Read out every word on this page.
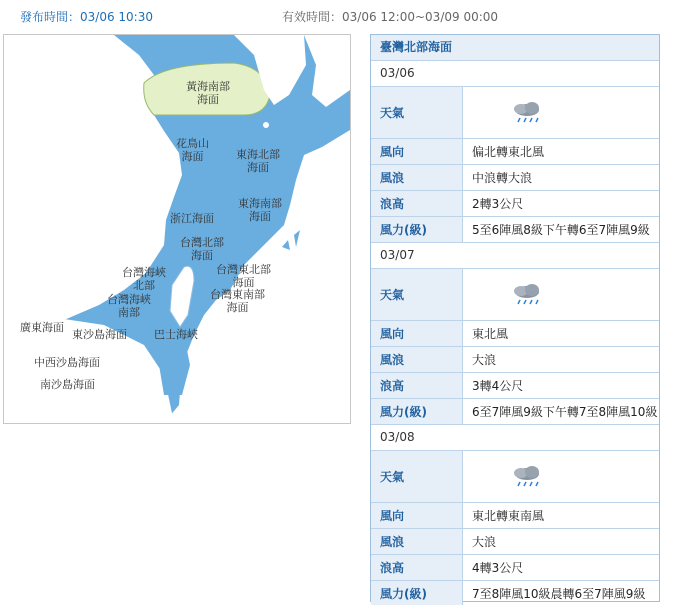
發布時間：03/06 10:30	有效時間：03/06 12:00~03/09 00:00
黃海南部
海面
花鳥山
海面	東海北部
海面
東海南部
海面
浙江海面
台灣北部
海面
台灣海峽
北部
台灣東北部
海面
台灣海峽
南部
台灣東南部
海面
廣東海面
東沙島海面 巴士海峽
中西沙島海面
南沙島海面
臺灣北部海面
03/06
天氣
風向	偏北轉東北風
風浪	中浪轉大浪
浪高	2轉3公尺
風力(級)	5至6陣風8級下午轉6至7陣風9級
03/07
天氣
風向	東北風
風浪	大浪
浪高	3轉4公尺
風力(級)	6至7陣風9級下午轉7至8陣風10級
03/08
天氣
風向	東北轉東南風
風浪	大浪
浪高	4轉3公尺
風力(級)	7至8陣風10級晨轉6至7陣風9級
